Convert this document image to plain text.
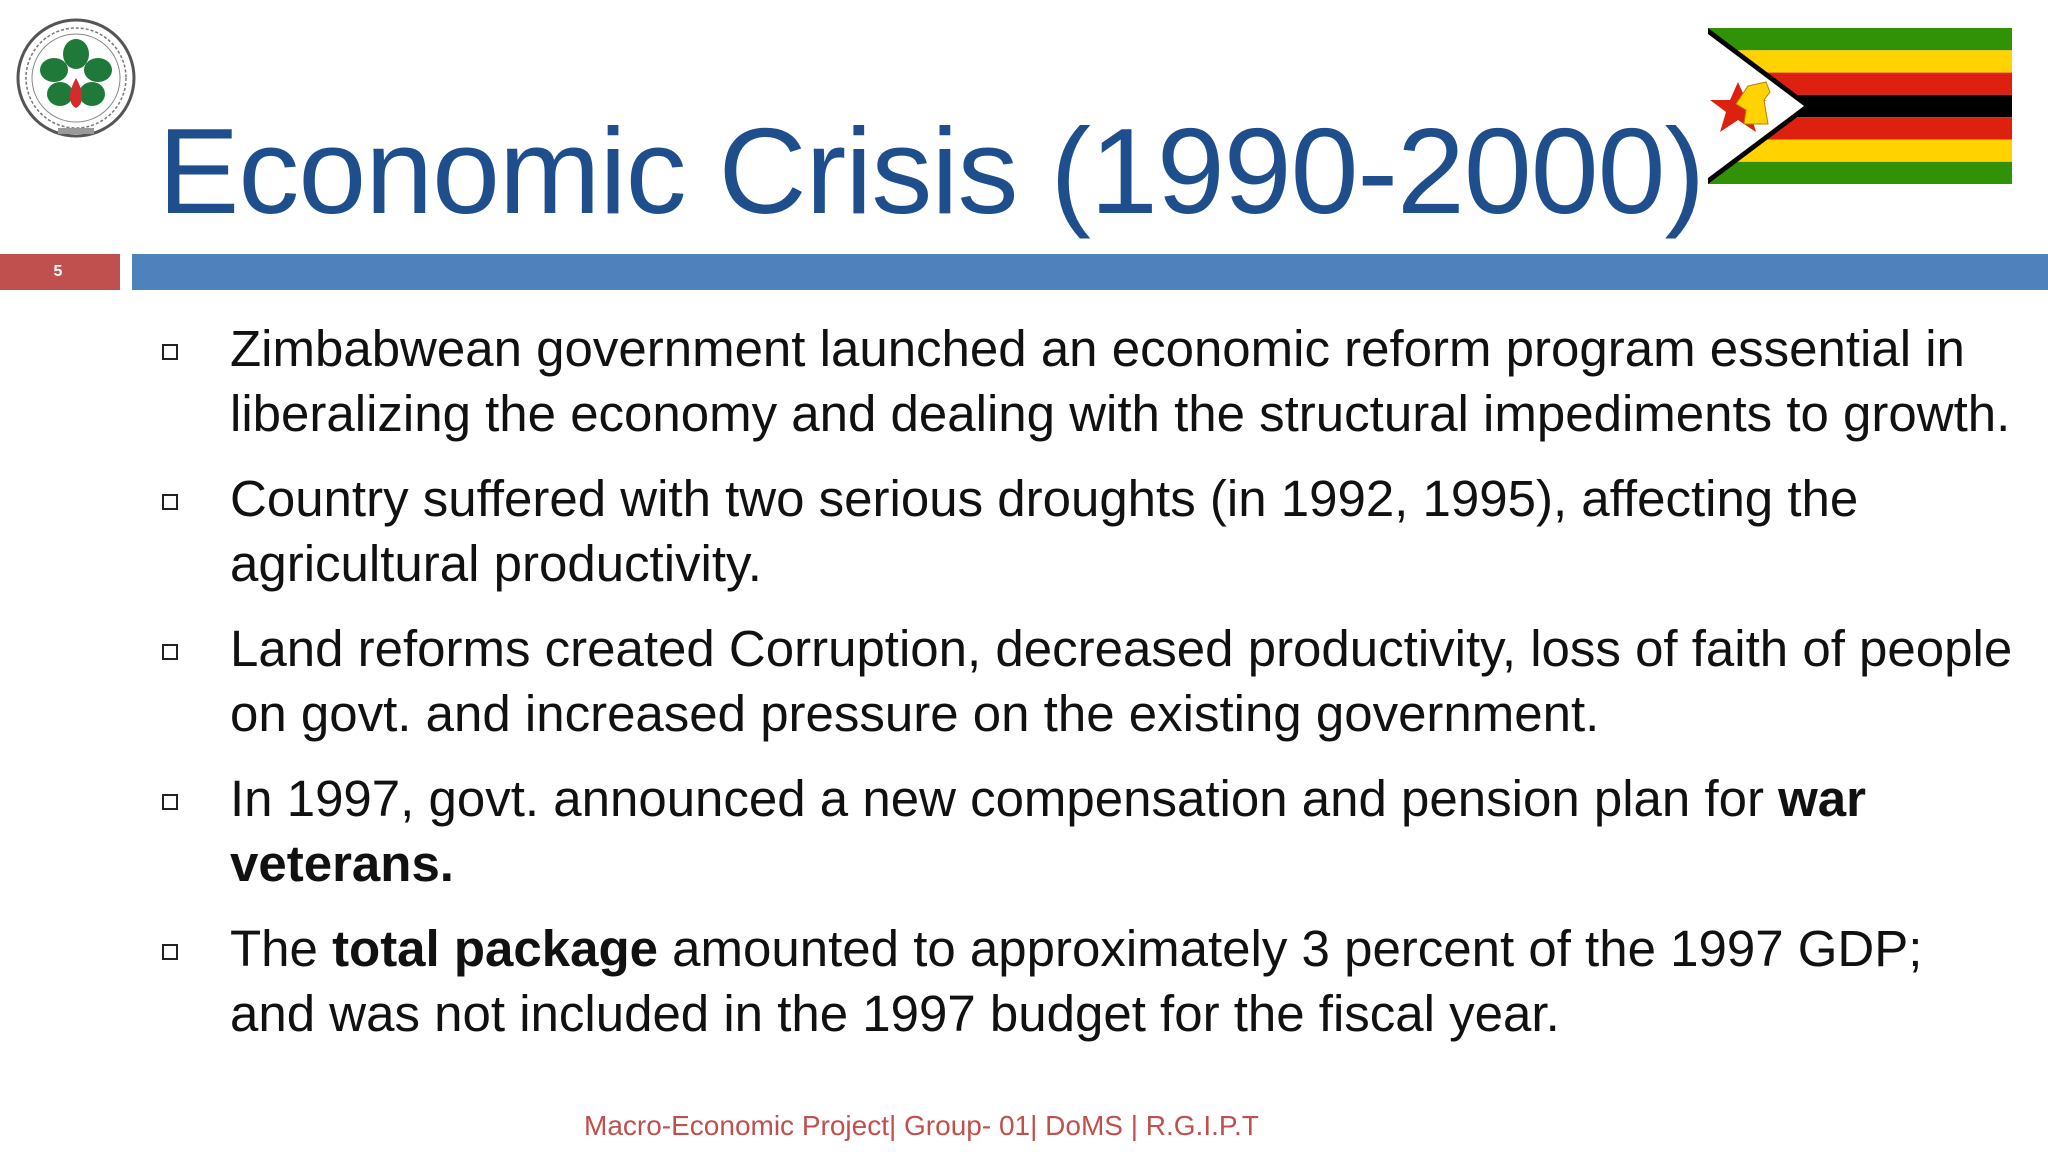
Economic Crisis (1990-2000)
5
Zimbabwean government launched an economic reform program essential in liberalizing the economy and dealing with the structural impediments to growth.
Country suffered with two serious droughts (in 1992, 1995), affecting the agricultural productivity.
Land reforms created Corruption, decreased productivity, loss of faith of people on govt. and increased pressure on the existing government.
In 1997, govt. announced a new compensation and pension plan for war veterans.
The total package amounted to approximately 3 percent of the 1997 GDP; and was not included in the 1997 budget for the fiscal year.
Macro-Economic Project| Group- 01| DoMS | R.G.I.P.T
